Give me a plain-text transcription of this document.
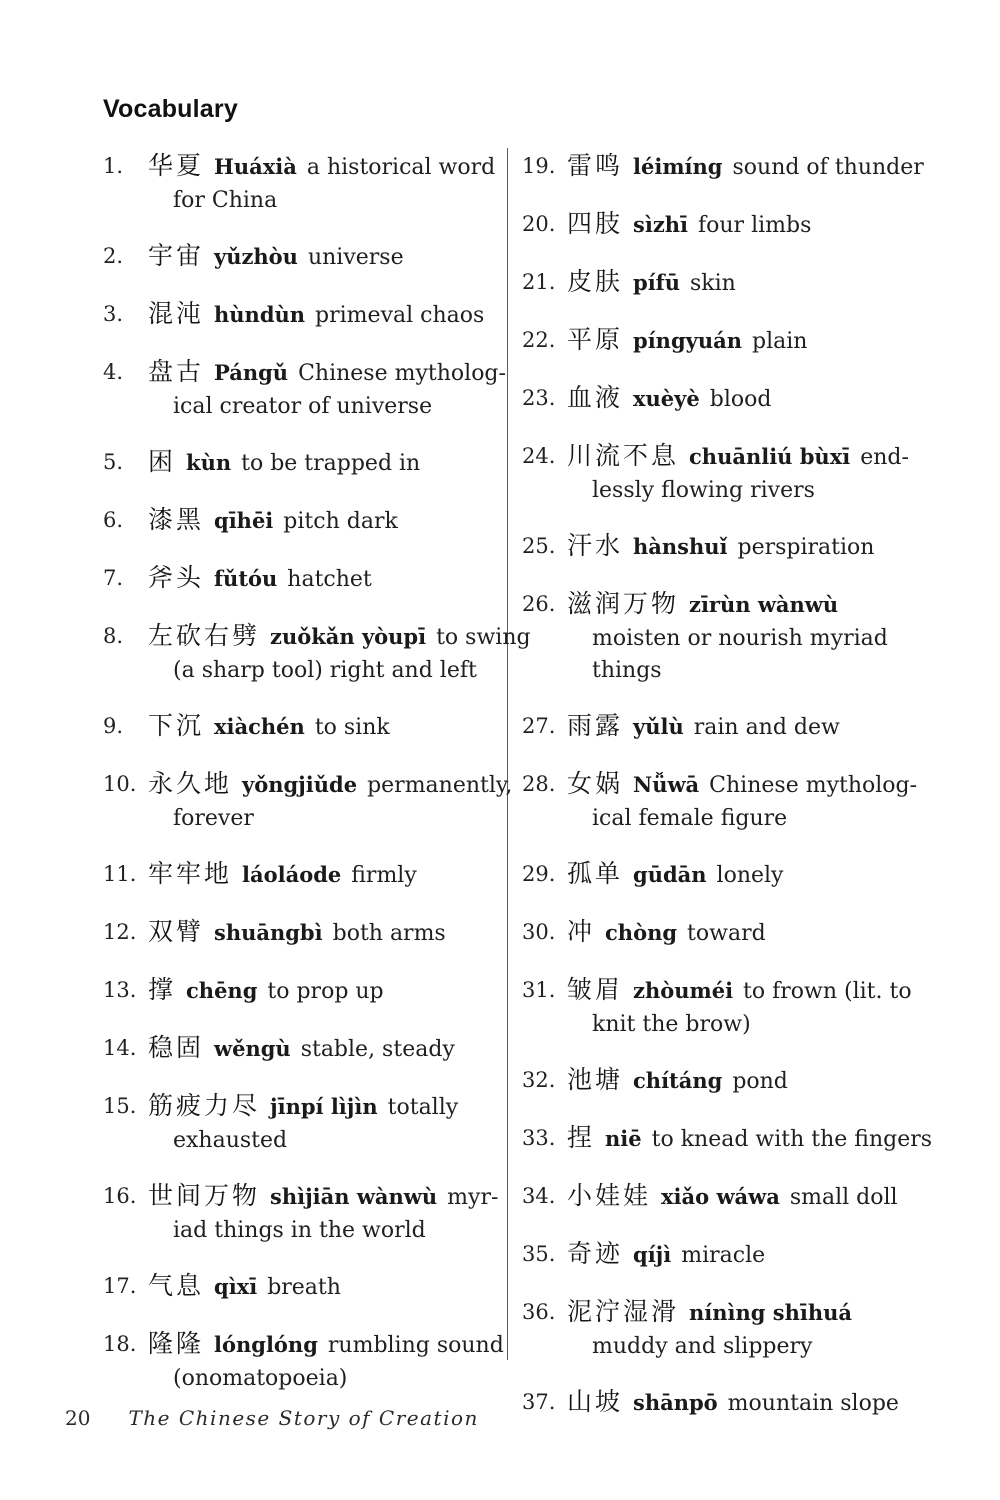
Vocabulary
1. 华夏 Huáxià a historical word
for China
2. 宇宙 yǔzhòu universe
3. 混沌 hùndùn primeval chaos
4. 盘古 Pángǔ Chinese mytholog-
ical creator of universe
5. 困 kùn to be trapped in
6. 漆黑 qīhēi pitch dark
7. 斧头 fǔtóu hatchet
8. 左砍右劈 zuǒkǎn yòupī to swing
(a sharp tool) right and left
9. 下沉 xiàchén to sink
10. 永久地 yǒngjiǔde permanently,
forever
11. 牢牢地 láoláode firmly
12. 双臂 shuāngbì both arms
13. 撑 chēng to prop up
14. 稳固 wěngù stable, steady
15. 筋疲力尽 jīnpí lìjìn totally
exhausted
16. 世间万物 shìjiān wànwù myr-
iad things in the world
17. 气息 qìxī breath
18. 隆隆 lónglóng rumbling sound
(onomatopoeia)
19. 雷鸣 léimíng sound of thunder
20. 四肢 sìzhī four limbs
21. 皮肤 pífū skin
22. 平原 píngyuán plain
23. 血液 xuèyè blood
24. 川流不息 chuānliú bùxī end-
lessly flowing rivers
25. 汗水 hànshuǐ perspiration
26. 滋润万物 zīrùn wànwù
moisten or nourish myriad
things
27. 雨露 yǔlù rain and dew
28. 女娲 Nǚwā Chinese mytholog-
ical female figure
29. 孤单 gūdān lonely
30. 冲 chòng toward
31. 皱眉 zhòuméi to frown (lit. to
knit the brow)
32. 池塘 chítáng pond
33. 捏 niē to knead with the fingers
34. 小娃娃 xiǎo wáwa small doll
35. 奇迹 qíjì miracle
36. 泥泞湿滑 nínìng shīhuá
muddy and slippery
37. 山坡 shānpō mountain slope
20 The Chinese Story of Creation
